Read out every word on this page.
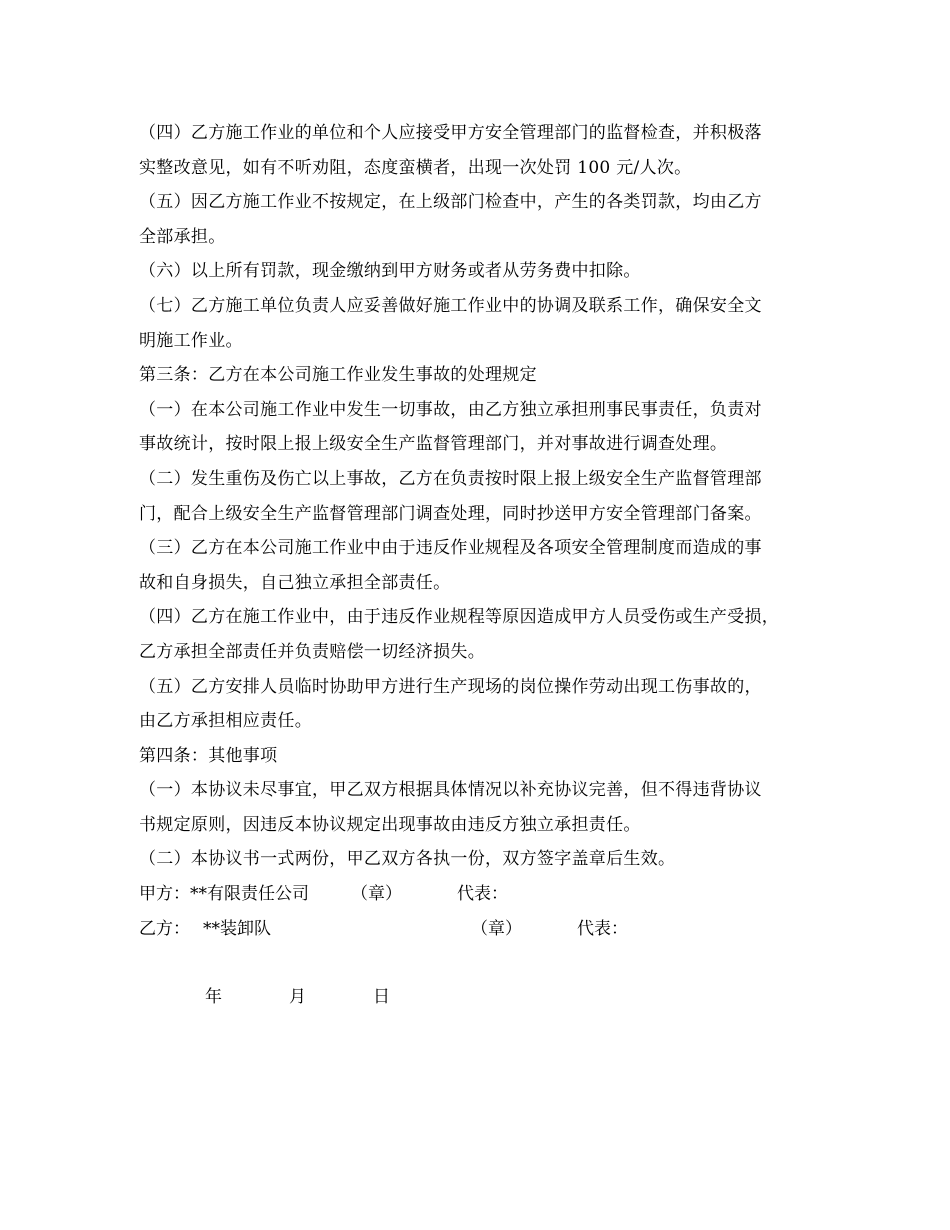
（四）乙方施工作业的单位和个人应接受甲方安全管理部门的监督检查，并积极落
实整改意见，如有不听劝阻，态度蛮横者，出现一次处罚 100 元/人次。
（五）因乙方施工作业不按规定，在上级部门检查中，产生的各类罚款，均由乙方
全部承担。
（六）以上所有罚款，现金缴纳到甲方财务或者从劳务费中扣除。
（七）乙方施工单位负责人应妥善做好施工作业中的协调及联系工作，确保安全文
明施工作业。
第三条：乙方在本公司施工作业发生事故的处理规定
（一）在本公司施工作业中发生一切事故，由乙方独立承担刑事民事责任，负责对
事故统计，按时限上报上级安全生产监督管理部门，并对事故进行调查处理。
（二）发生重伤及伤亡以上事故，乙方在负责按时限上报上级安全生产监督管理部
门，配合上级安全生产监督管理部门调查处理，同时抄送甲方安全管理部门备案。
（三）乙方在本公司施工作业中由于违反作业规程及各项安全管理制度而造成的事
故和自身损失，自己独立承担全部责任。
（四）乙方在施工作业中，由于违反作业规程等原因造成甲方人员受伤或生产受损，
乙方承担全部责任并负责赔偿一切经济损失。
（五）乙方安排人员临时协助甲方进行生产现场的岗位操作劳动出现工伤事故的，
由乙方承担相应责任。
第四条：其他事项
（一）本协议未尽事宜，甲乙双方根据具体情况以补充协议完善，但不得违背协议
书规定原则，因违反本协议规定出现事故由违反方独立承担责任。
（二）本协议书一式两份，甲乙双方各执一份，双方签字盖章后生效。
甲方：**有限责任公司 （章）	代表：
乙方： **装卸队	（章）	代表：
年	月	日
